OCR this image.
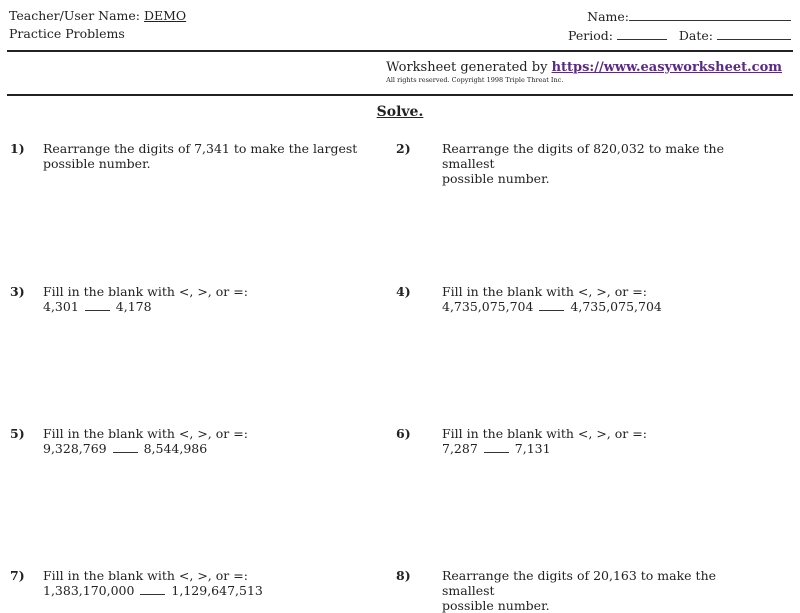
Teacher/User Name: DEMO
Practice Problems
Name:
Period:	Date:
Worksheet generated by https://www.easyworksheet.com
All rights reserved. Copyright 1998 Triple Threat Inc.
Solve.
1) Rearrange the digits of 7,341 to make the largest
possible number.
2)	Rearrange the digits of 820,032 to make the smallest
possible number.
3) Fill in the blank with <, >, or =:
4,301	4,178
4)	Fill in the blank with <, >, or =:
4,735,075,704	4,735,075,704
5) Fill in the blank with <, >, or =:
9,328,769	8,544,986
6)	Fill in the blank with <, >, or =:
7,287	7,131
7) Fill in the blank with <, >, or =:
1,383,170,000	1,129,647,513
8)	Rearrange the digits of 20,163 to make the smallest
possible number.
